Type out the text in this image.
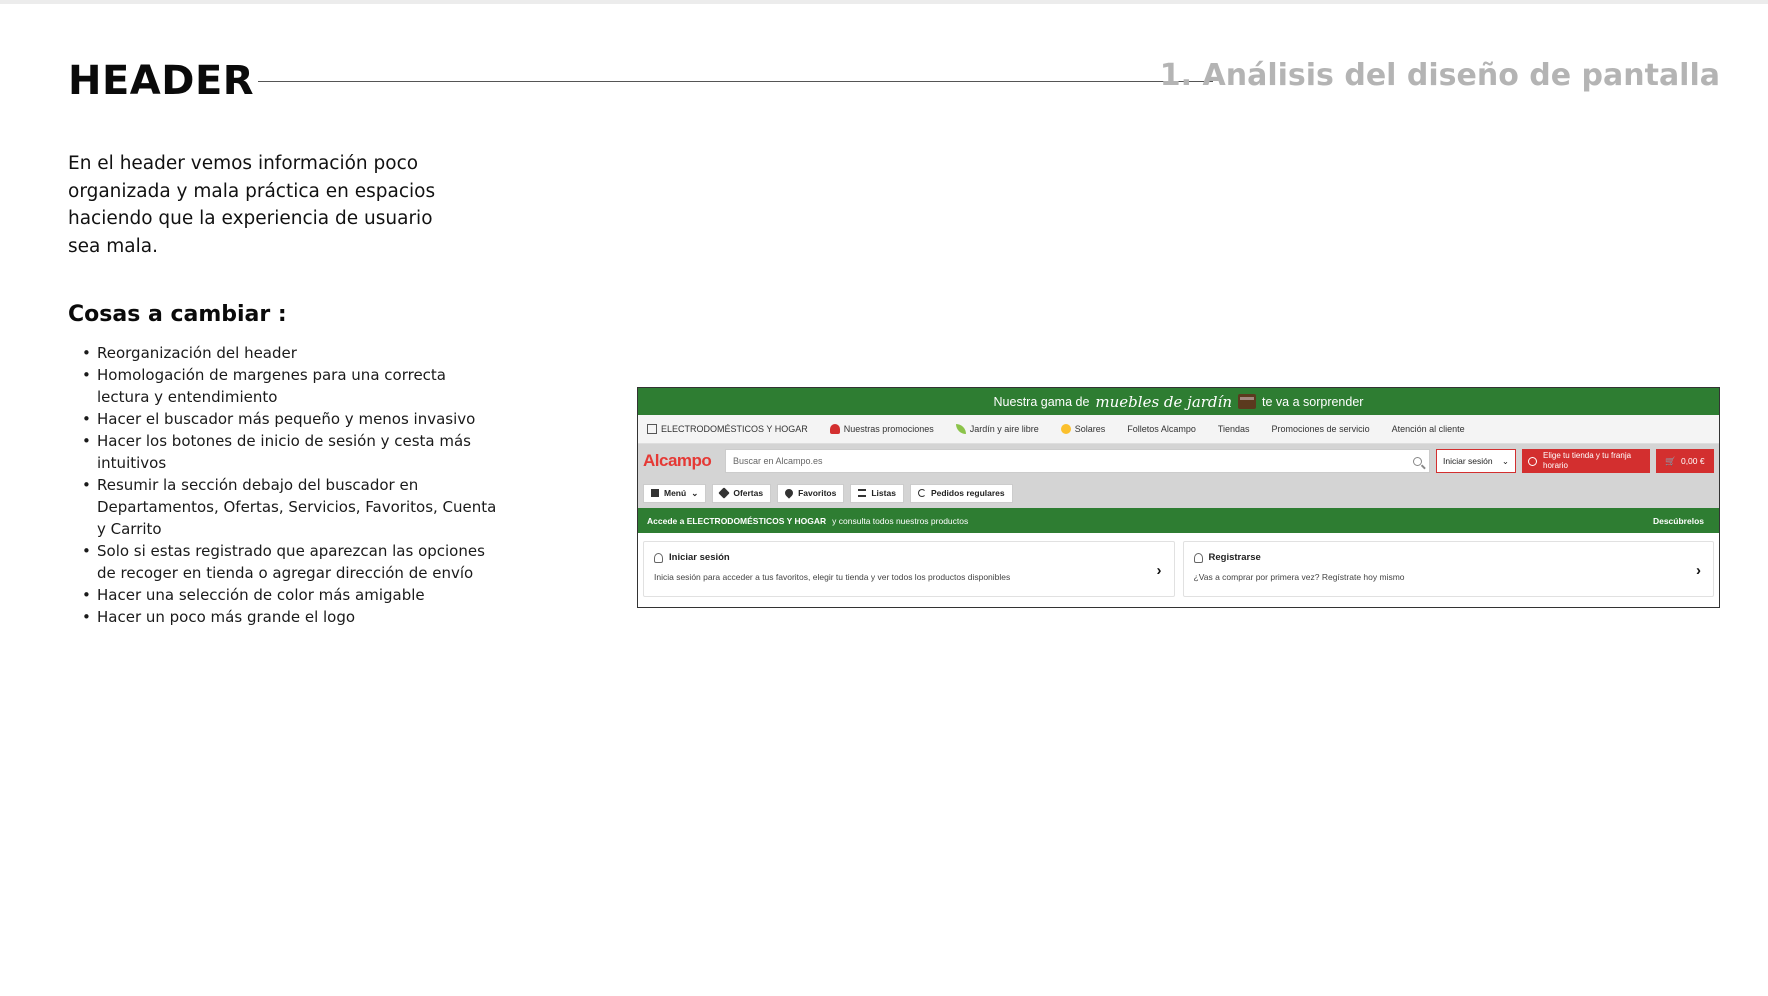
HEADER	1. Análisis del diseño de pantalla

En el header vemos información poco organizada y mala práctica en espacios haciendo que la experiencia de usuario sea mala.

Cosas a cambiar :
• Reorganización del header
• Homologación de margenes para una correcta lectura y entendimiento
• Hacer el buscador más pequeño y menos invasivo
• Hacer los botones de inicio de sesión y cesta más intuitivos
• Resumir la sección debajo del buscador en Departamentos, Ofertas, Servicios, Favoritos, Cuenta y Carrito
• Solo si estas registrado que aparezcan las opciones de recoger en tienda o agregar dirección de envío
• Hacer una selección de color más amigable
• Hacer un poco más grande el logo
Nuestra gama de muebles de jardín te va a sorprender
ELECTRODOMÉSTICOS Y HOGAR	Nuestras promociones	Jardín y aire libre	Solares Folletos Alcampo Tiendas Promociones de servicio Atención al cliente
Alcampo	Buscar en Alcampo.es	Iniciar sesión ⌄	Elige tu tienda y tu franja horario	🛒 0,00 €
Menú ⌄	Ofertas	Favoritos	Listas	Pedidos regulares
Accede a ELECTRODOMÉSTICOS Y HOGAR y consulta todos nuestros productos	Descúbrelos
Iniciar sesión
Inicia sesión para acceder a tus favoritos, elegir tu tienda y ver todos los productos disponibles	›
Registrarse
¿Vas a comprar por primera vez? Regístrate hoy mismo	›
